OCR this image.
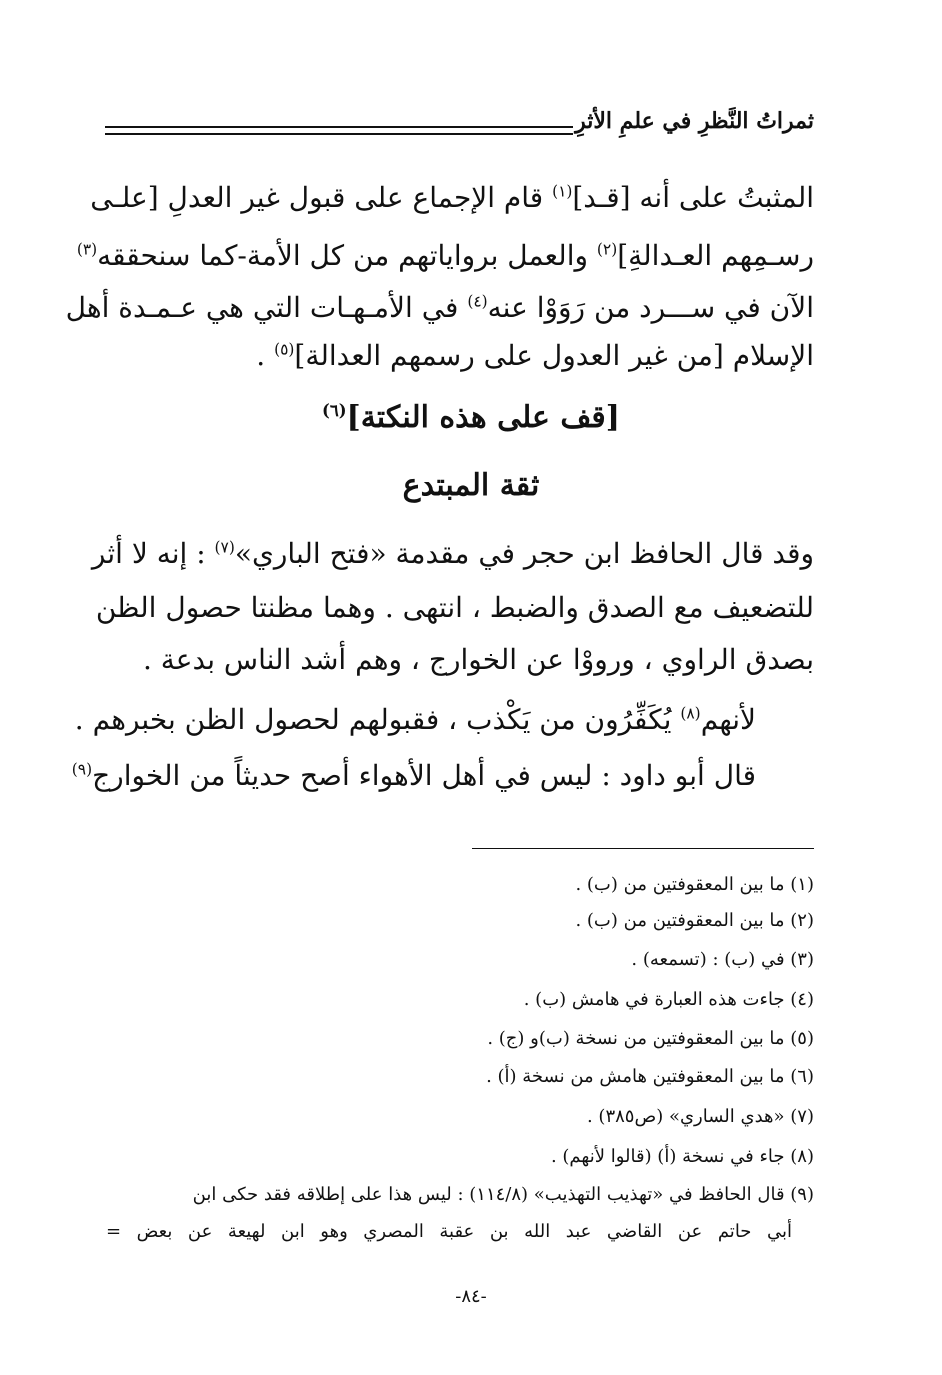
ثمراتُ النَّظرِ في علمِ الأثرِ
المثبتُ على أنه [قـد]$^{(١)}$ قام الإجماع على قبول غير العدلِ [علـى
رسـمِهم العـدالةِ]$^{(٢)}$ والعمل برواياتهم من كل الأمة-كما سنحققه$^{(٣)}$
الآن في ســـرد من رَوَوْا عنه$^{(٤)}$ في الأمـهـات التي هي عـمـدة أهل
الإسلام [من غير العدول على رسمهم العدالة]$^{(٥)}$ .
[قف على هذه النكتة]$^{(٦)}$
ثقة المبتدع
وقد قال الحافظ ابن حجر في مقدمة «فتح الباري»$^{(٧)}$ : إنه لا أثر
للتضعيف مع الصدق والضبط ، انتهى . وهما مظنتا حصول الظن
بصدق الراوي ، ورووْا عن الخوارج ، وهم أشد الناس بدعة .
لأنهم$^{(٨)}$ يُكَفِّرُون من يَكْذب ، فقبولهم لحصول الظن بخبرهم .
قال أبو داود : ليس في أهل الأهواء أصح حديثاً من الخوارج$^{(٩)}$
(١) ما بين المعقوفتين من (ب) .
(٢) ما بين المعقوفتين من (ب) .
(٣) في (ب) : (تسمعه) .
(٤) جاءت هذه العبارة في هامش (ب) .
(٥) ما بين المعقوفتين من نسخة (ب)و (ج) .
(٦) ما بين المعقوفتين هامش من نسخة (أ) .
(٧) «هدي الساري» (ص٣٨٥) .
(٨) جاء في نسخة (أ) (قالوا لأنهم) .
(٩) قال الحافظ في «تهذيب التهذيب» (١١٤/٨) : ليس هذا على إطلاقه فقد حكى ابن
أبي حاتم عن القاضي عبد الله بن عقبة المصري وهو ابن لهيعة عن بعض =
-٨٤-
